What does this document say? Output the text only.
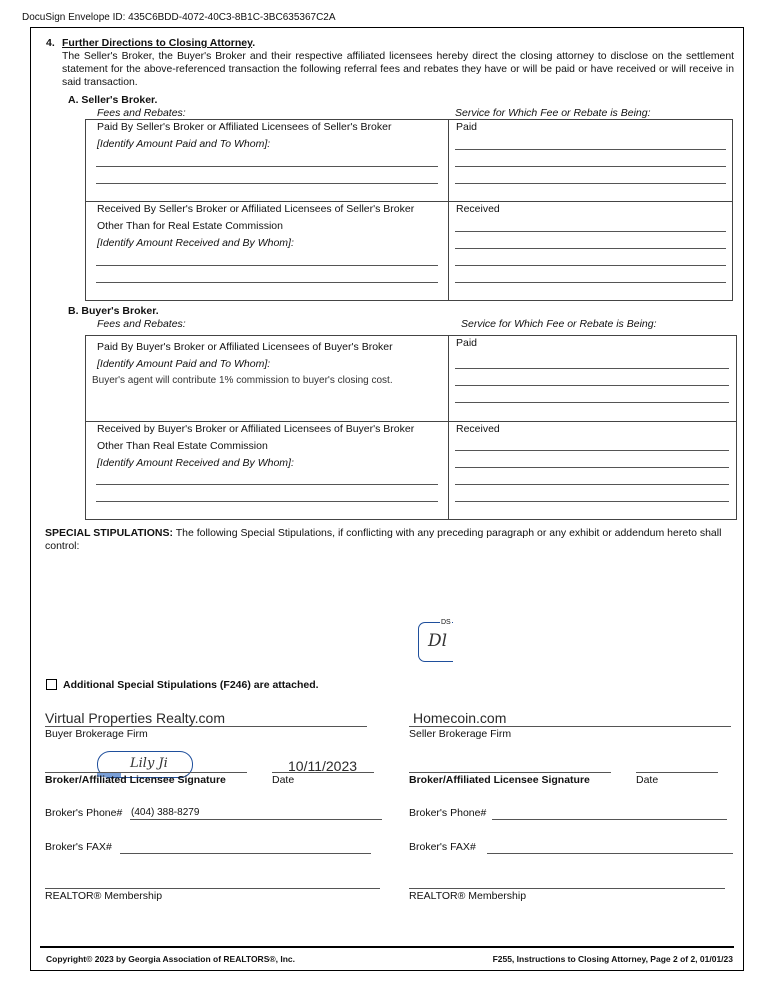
DocuSign Envelope ID: 435C6BDD-4072-40C3-8B1C-3BC635367C2A
4. Further Directions to Closing Attorney.
The Seller's Broker, the Buyer's Broker and their respective affiliated licensees hereby direct the closing attorney to disclose on the settlement statement for the above-referenced transaction the following referral fees and rebates they have or will be paid or have received or will receive in said transaction.
A. Seller's Broker.
Fees and Rebates:	Service for Which Fee or Rebate is Being:
Paid By Seller's Broker or Affiliated Licensees of Seller's Broker
[Identify Amount Paid and To Whom]:
Paid
Received By Seller's Broker or Affiliated Licensees of Seller's Broker
Other Than for Real Estate Commission
[Identify Amount Received and By Whom]:
Received
B. Buyer's Broker.
Fees and Rebates:	Service for Which Fee or Rebate is Being:
Paid By Buyer's Broker or Affiliated Licensees of Buyer's Broker
[Identify Amount Paid and To Whom]:
Buyer's agent will contribute 1% commission to buyer's closing cost.
Paid
Received by Buyer's Broker or Affiliated Licensees of Buyer's Broker
Other Than Real Estate Commission
[Identify Amount Received and By Whom]:
Received
SPECIAL STIPULATIONS: The following Special Stipulations, if conflicting with any preceding paragraph or any exhibit or addendum hereto shall control:
DS
Dl
Additional Special Stipulations (F246) are attached.
Virtual Properties Realty.com
Buyer Brokerage Firm
Lily Ji	10/11/2023
Broker/Affiliated Licensee Signature	Date
Broker's Phone# (404) 388-8279
Broker's FAX#
REALTOR® Membership
Homecoin.com
Seller Brokerage Firm
Broker/Affiliated Licensee Signature	Date
Broker's Phone#
Broker's FAX#
REALTOR® Membership
Copyright© 2023 by Georgia Association of REALTORS®, Inc.	F255, Instructions to Closing Attorney, Page 2 of 2, 01/01/23
